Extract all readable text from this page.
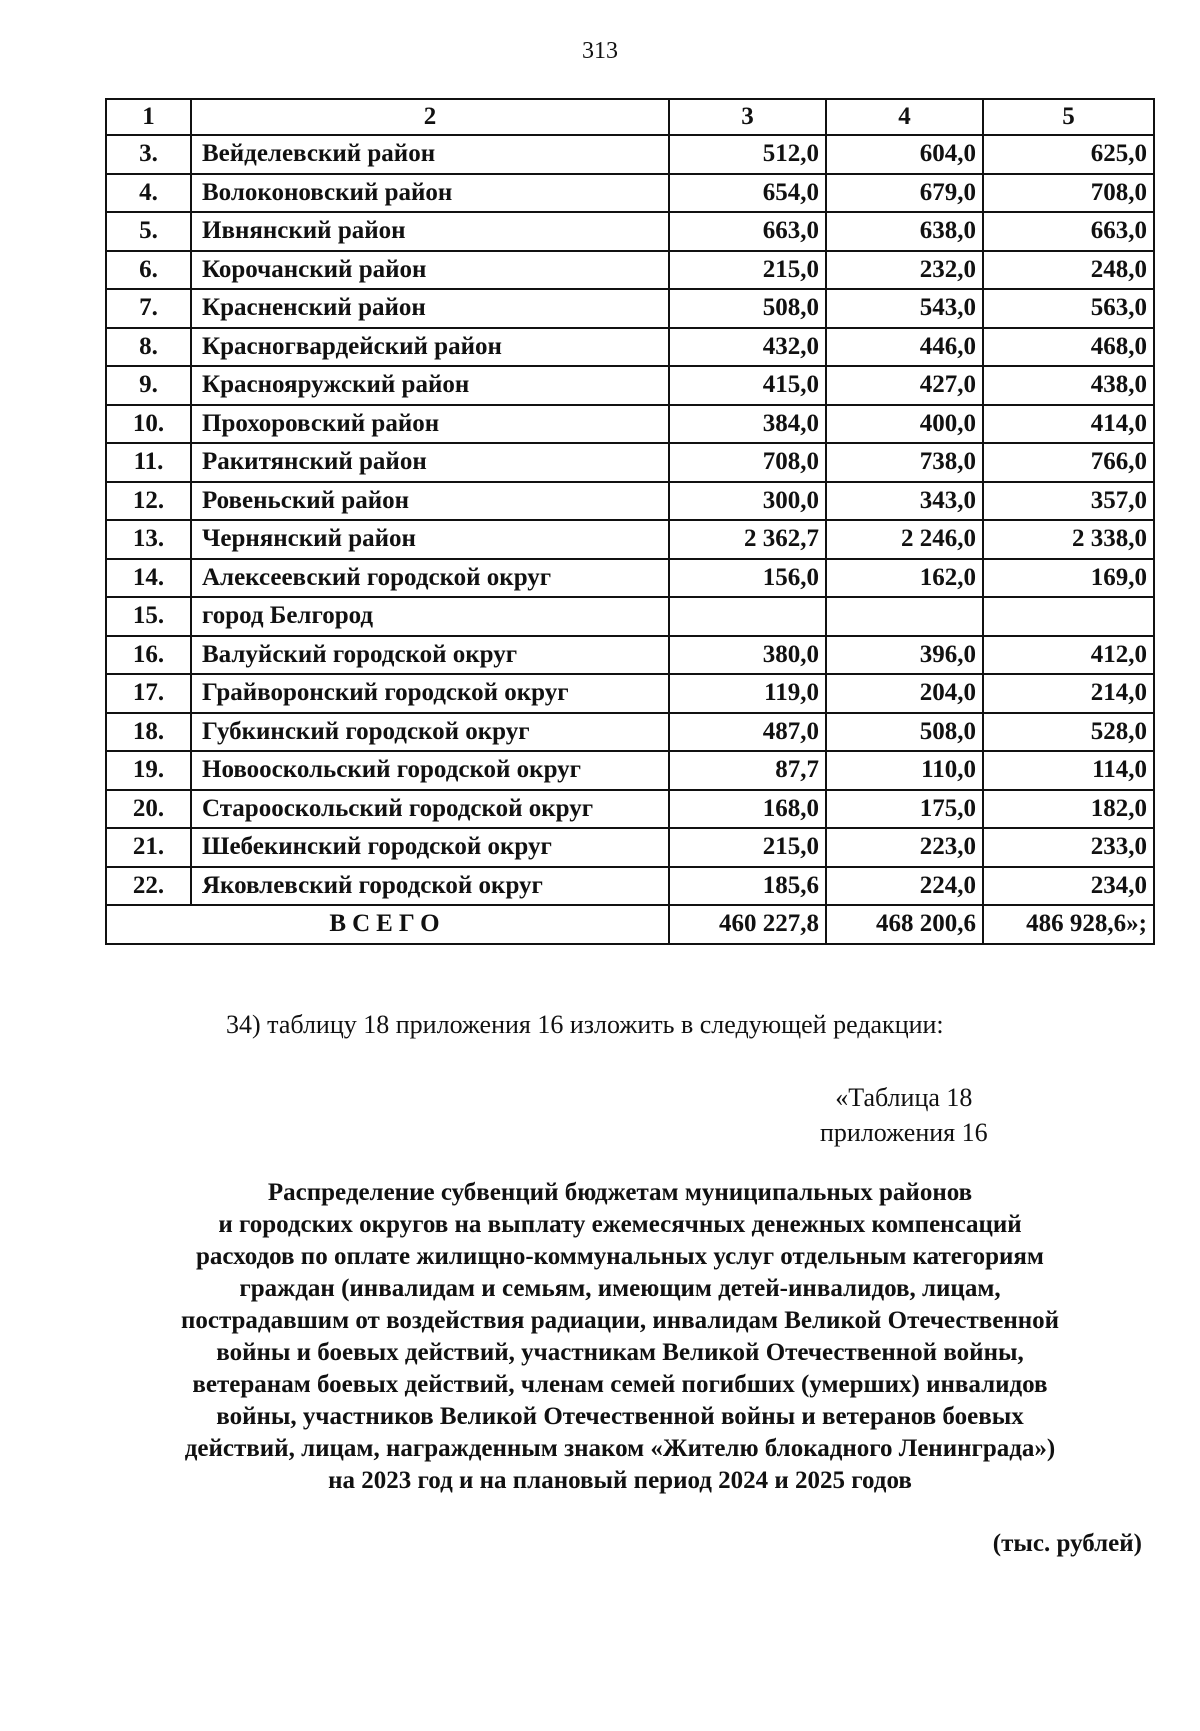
313
1	2	3	4	5
3.	Вейделевский район	512,0	604,0	625,0
4.	Волоконовский район	654,0	679,0	708,0
5.	Ивнянский район	663,0	638,0	663,0
6.	Корочанский район	215,0	232,0	248,0
7.	Красненский район	508,0	543,0	563,0
8.	Красногвардейский район	432,0	446,0	468,0
9.	Краснояружский район	415,0	427,0	438,0
10.	Прохоровский район	384,0	400,0	414,0
11.	Ракитянский район	708,0	738,0	766,0
12.	Ровеньский район	300,0	343,0	357,0
13.	Чернянский район	2 362,7	2 246,0	2 338,0
14.	Алексеевский городской округ	156,0	162,0	169,0
15.	город Белгород			
16.	Валуйский городской округ	380,0	396,0	412,0
17.	Грайворонский городской округ	119,0	204,0	214,0
18.	Губкинский городской округ	487,0	508,0	528,0
19.	Новооскольский городской округ	87,7	110,0	114,0
20.	Старооскольский городской округ	168,0	175,0	182,0
21.	Шебекинский городской округ	215,0	223,0	233,0
22.	Яковлевский городской округ	185,6	224,0	234,0
ВСЕГО		460 227,8	468 200,6	486 928,6»;
34) таблицу 18 приложения 16 изложить в следующей редакции:
«Таблица 18
приложения 16
Распределение субвенций бюджетам муниципальных районов
и городских округов на выплату ежемесячных денежных компенсаций
расходов по оплате жилищно-коммунальных услуг отдельным категориям
граждан (инвалидам и семьям, имеющим детей-инвалидов, лицам,
пострадавшим от воздействия радиации, инвалидам Великой Отечественной
войны и боевых действий, участникам Великой Отечественной войны,
ветеранам боевых действий, членам семей погибших (умерших) инвалидов
войны, участников Великой Отечественной войны и ветеранов боевых
действий, лицам, награжденным знаком «Жителю блокадного Ленинграда»)
на 2023 год и на плановый период 2024 и 2025 годов
(тыс. рублей)
